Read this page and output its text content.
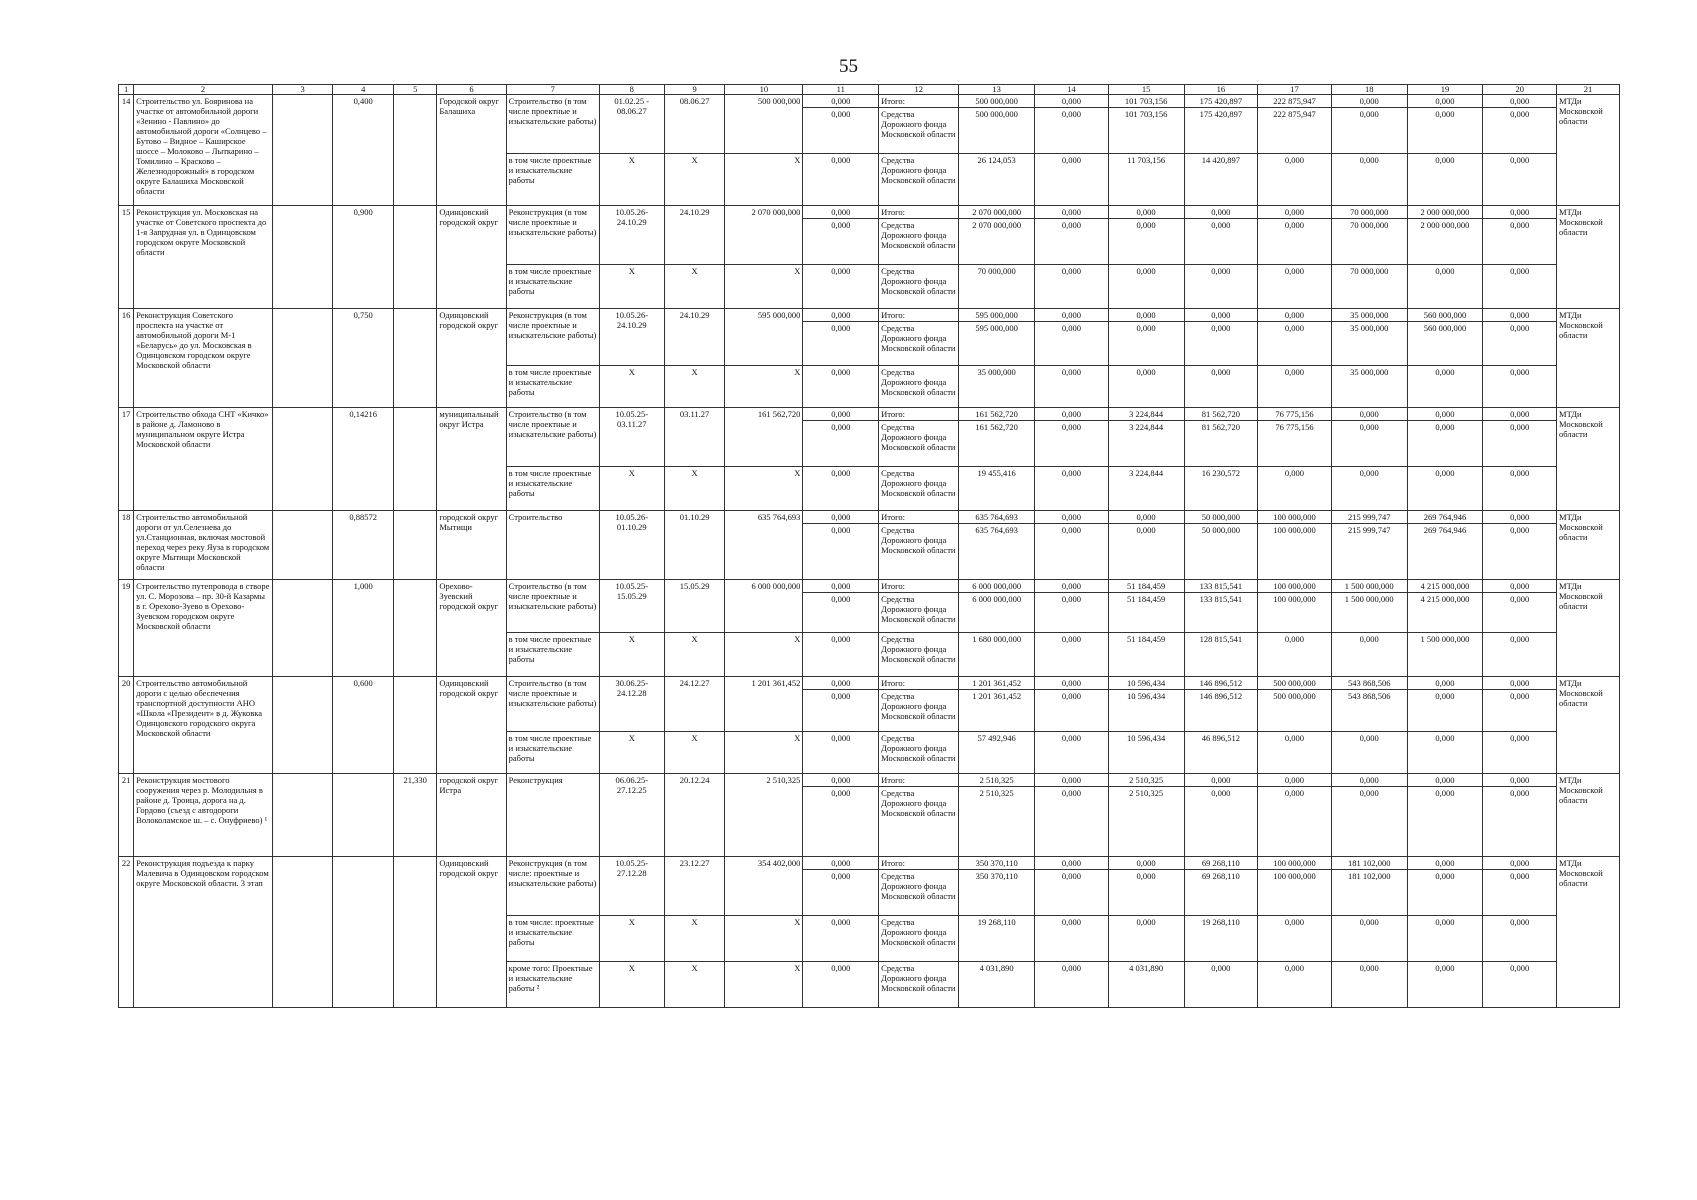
55
1	2	3	4	5	6	7	8	9	10	11	12	13	14	15	16	17	18	19	20	21
14	Строительство ул. Бояринова на участке от автомобильной дороги «Зенино - Павлино» до автомобильной дороги «Солнцево – Бутово – Видное – Каширское шоссе – Молоково – Лыткарино – Томилино – Красково – Железнодорожный» в городском округе Балашиха Московской области		0,400		Городской округ Балашиха	Строительство (в том числе проектные и изыскательские работы)	01.02.25 - 08.06.27	08.06.27	500 000,000	0,000	Итого:	500 000,000	0,000	101 703,156	175 420,897	222 875,947	0,000	0,000	0,000	МТДи Московской области
										0,000	Средства Дорожного фонда Московской области	500 000,000	0,000	101 703,156	175 420,897	222 875,947	0,000	0,000	0,000	
						в том числе проектные и изыскательские работы	X	X	X	0,000	Средства Дорожного фонда Московской области	26 124,053	0,000	11 703,156	14 420,897	0,000	0,000	0,000	0,000	
15	Реконструкция ул. Московская на участке от Советского проспекта до 1-я Запрудная ул. в Одинцовском городском округе Московской области		0,900		Одинцовский городской округ	Реконструкция (в том числе проектные и изыскательские работы)	10.05.26- 24.10.29	24.10.29	2 070 000,000	0,000	Итого:	2 070 000,000	0,000	0,000	0,000	0,000	70 000,000	2 000 000,000	0,000	МТДи Московской области
										0,000	Средства Дорожного фонда Московской области	2 070 000,000	0,000	0,000	0,000	0,000	70 000,000	2 000 000,000	0,000	
						в том числе проектные и изыскательские работы	X	X	X	0,000	Средства Дорожного фонда Московской области	70 000,000	0,000	0,000	0,000	0,000	70 000,000	0,000	0,000	
16	Реконструкция Советского проспекта на участке от автомобильной дороги М-1 «Беларусь» до ул. Московская в Одинцовском городском округе Московской области		0,750		Одинцовский городской округ	Реконструкция (в том числе проектные и изыскательские работы)	10.05.26- 24.10.29	24.10.29	595 000,000	0,000	Итого:	595 000,000	0,000	0,000	0,000	0,000	35 000,000	560 000,000	0,000	МТДи Московской области
										0,000	Средства Дорожного фонда Московской области	595 000,000	0,000	0,000	0,000	0,000	35 000,000	560 000,000	0,000	
						в том числе проектные и изыскательские работы	X	X	X	0,000	Средства Дорожного фонда Московской области	35 000,000	0,000	0,000	0,000	0,000	35 000,000	0,000	0,000	
17	Строительство обхода СНТ «Кичко» в районе д. Ламоново в муниципальном округе Истра Московской области		0,14216		муниципальный округ Истра	Строительство (в том числе проектные и изыскательские работы)	10.05.25- 03.11.27	03.11.27	161 562,720	0,000	Итого:	161 562,720	0,000	3 224,844	81 562,720	76 775,156	0,000	0,000	0,000	МТДи Московской области
										0,000	Средства Дорожного фонда Московской области	161 562,720	0,000	3 224,844	81 562,720	76 775,156	0,000	0,000	0,000	
						в том числе проектные и изыскательские работы	X	X	X	0,000	Средства Дорожного фонда Московской области	19 455,416	0,000	3 224,844	16 230,572	0,000	0,000	0,000	0,000	
18	Строительство автомобильной дороги от ул.Селезнева до ул.Станционная, включая мостовой переход через реку Яуза в городском округе Мытищи Московской области		0,88572		городской округ Мытищи	Строительство	10.05.26- 01.10.29	01.10.29	635 764,693	0,000	Итого:	635 764,693	0,000	0,000	50 000,000	100 000,000	215 999,747	269 764,946	0,000	МТДи Московской области
										0,000	Средства Дорожного фонда Московской области	635 764,693	0,000	0,000	50 000,000	100 000,000	215 999,747	269 764,946	0,000	
19	Строительство путепровода в створе ул. С. Морозова – пр. 30-й Казармы в г. Орехово-Зуево в Орехово-Зуевском городском округе Московской области		1,000		Орехово-Зуевский городской округ	Строительство (в том числе проектные и изыскательские работы)	10.05.25- 15.05.29	15.05.29	6 000 000,000	0,000	Итого:	6 000 000,000	0,000	51 184,459	133 815,541	100 000,000	1 500 000,000	4 215 000,000	0,000	МТДи Московской области
										0,000	Средства Дорожного фонда Московской области	6 000 000,000	0,000	51 184,459	133 815,541	100 000,000	1 500 000,000	4 215 000,000	0,000	
						в том числе проектные и изыскательские работы	X	X	X	0,000	Средства Дорожного фонда Московской области	1 680 000,000	0,000	51 184,459	128 815,541	0,000	0,000	1 500 000,000	0,000	
20	Строительство автомобильной дороги с целью обеспечения транспортной доступности АНО «Школа «Президент» в д. Жуковка Одинцовского городского округа Московской области		0,600		Одинцовский городской округ	Строительство (в том числе проектные и изыскательские работы)	30.06.25- 24.12.28	24.12.27	1 201 361,452	0,000	Итого:	1 201 361,452	0,000	10 596,434	146 896,512	500 000,000	543 868,506	0,000	0,000	МТДи Московской области
										0,000	Средства Дорожного фонда Московской области	1 201 361,452	0,000	10 596,434	146 896,512	500 000,000	543 868,506	0,000	0,000	
						в том числе проектные и изыскательские работы	X	X	X	0,000	Средства Дорожного фонда Московской области	57 492,946	0,000	10 596,434	46 896,512	0,000	0,000	0,000	0,000	
21	Реконструкция мостового сооружения через р. Молодильня в районе д. Троица, дорога на д. Гордово (съезд с автодороги Волоколамское ш. – с. Онуфриево) ¹			21,330	городской округ Истра	Реконструкция	06.06.25- 27.12.25	20.12.24	2 510,325	0,000	Итого:	2 510,325	0,000	2 510,325	0,000	0,000	0,000	0,000	0,000	МТДи Московской области
										0,000	Средства Дорожного фонда Московской области	2 510,325	0,000	2 510,325	0,000	0,000	0,000	0,000	0,000	
22	Реконструкция подъезда к парку Малевича в Одинцовском городском округе Московской области. 3 этап				Одинцовский городской округ	Реконструкция (в том числе: проектные и изыскательские работы)	10.05.25- 27.12.28	23.12.27	354 402,000	0,000	Итого:	350 370,110	0,000	0,000	69 268,110	100 000,000	181 102,000	0,000	0,000	МТДи Московской области
										0,000	Средства Дорожного фонда Московской области	350 370,110	0,000	0,000	69 268,110	100 000,000	181 102,000	0,000	0,000	
						в том числе: проектные и изыскательские работы	X	X	X	0,000	Средства Дорожного фонда Московской области	19 268,110	0,000	0,000	19 268,110	0,000	0,000	0,000	0,000	
						кроме того: Проектные и изыскательские работы ²	X	X	X	0,000	Средства Дорожного фонда Московской области	4 031,890	0,000	4 031,890	0,000	0,000	0,000	0,000	0,000	
